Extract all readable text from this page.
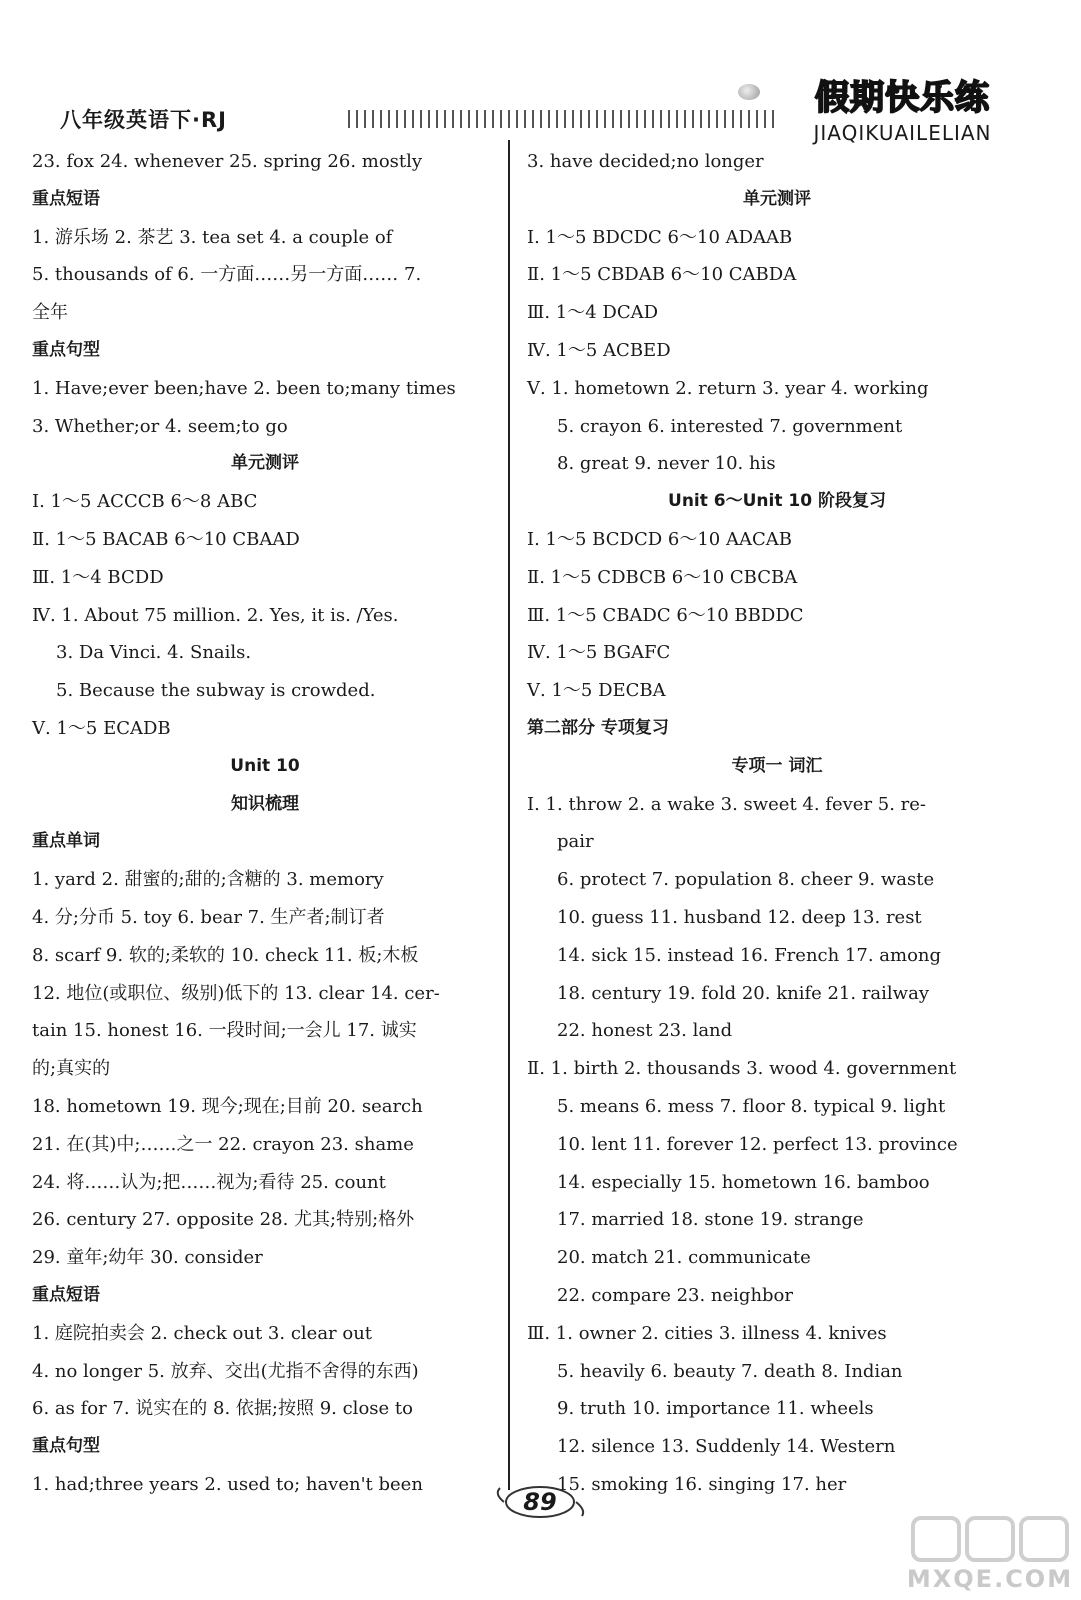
八年级英语下·RJ
假期快乐练
JIAQIKUAILELIAN
23. fox 24. whenever 25. spring 26. mostly
重点短语
1. 游乐场 2. 茶艺 3. tea set 4. a couple of
5. thousands of 6. 一方面……另一方面…… 7.
全年
重点句型
1. Have;ever been;have 2. been to;many times
3. Whether;or 4. seem;to go
单元测评
Ⅰ. 1～5 ACCCB 6～8 ABC
Ⅱ. 1～5 BACAB 6～10 CBAAD
Ⅲ. 1～4 BCDD
Ⅳ. 1. About 75 million. 2. Yes, it is. /Yes.
3. Da Vinci. 4. Snails.
5. Because the subway is crowded.
Ⅴ. 1～5 ECADB
Unit 10
知识梳理
重点单词
1. yard 2. 甜蜜的;甜的;含糖的 3. memory
4. 分;分币 5. toy 6. bear 7. 生产者;制订者
8. scarf 9. 软的;柔软的 10. check 11. 板;木板
12. 地位(或职位、级别)低下的 13. clear 14. cer-
tain 15. honest 16. 一段时间;一会儿 17. 诚实
的;真实的
18. hometown 19. 现今;现在;目前 20. search
21. 在(其)中;……之一 22. crayon 23. shame
24. 将……认为;把……视为;看待 25. count
26. century 27. opposite 28. 尤其;特别;格外
29. 童年;幼年 30. consider
重点短语
1. 庭院拍卖会 2. check out 3. clear out
4. no longer 5. 放弃、交出(尤指不舍得的东西)
6. as for 7. 说实在的 8. 依据;按照 9. close to
重点句型
1. had;three years 2. used to; haven't been
3. have decided;no longer
单元测评
Ⅰ. 1～5 BDCDC 6～10 ADAAB
Ⅱ. 1～5 CBDAB 6～10 CABDA
Ⅲ. 1～4 DCAD
Ⅳ. 1～5 ACBED
Ⅴ. 1. hometown 2. return 3. year 4. working
5. crayon 6. interested 7. government
8. great 9. never 10. his
Unit 6～Unit 10 阶段复习
Ⅰ. 1～5 BCDCD 6～10 AACAB
Ⅱ. 1～5 CDBCB 6～10 CBCBA
Ⅲ. 1～5 CBADC 6～10 BBDDC
Ⅳ. 1～5 BGAFC
Ⅴ. 1～5 DECBA
第二部分 专项复习
专项一 词汇
Ⅰ. 1. throw 2. a wake 3. sweet 4. fever 5. re-
pair
6. protect 7. population 8. cheer 9. waste
10. guess 11. husband 12. deep 13. rest
14. sick 15. instead 16. French 17. among
18. century 19. fold 20. knife 21. railway
22. honest 23. land
Ⅱ. 1. birth 2. thousands 3. wood 4. government
5. means 6. mess 7. floor 8. typical 9. light
10. lent 11. forever 12. perfect 13. province
14. especially 15. hometown 16. bamboo
17. married 18. stone 19. strange
20. match 21. communicate
22. compare 23. neighbor
Ⅲ. 1. owner 2. cities 3. illness 4. knives
5. heavily 6. beauty 7. death 8. Indian
9. truth 10. importance 11. wheels
12. silence 13. Suddenly 14. Western
15. smoking 16. singing 17. her
89
MXQE.COM
